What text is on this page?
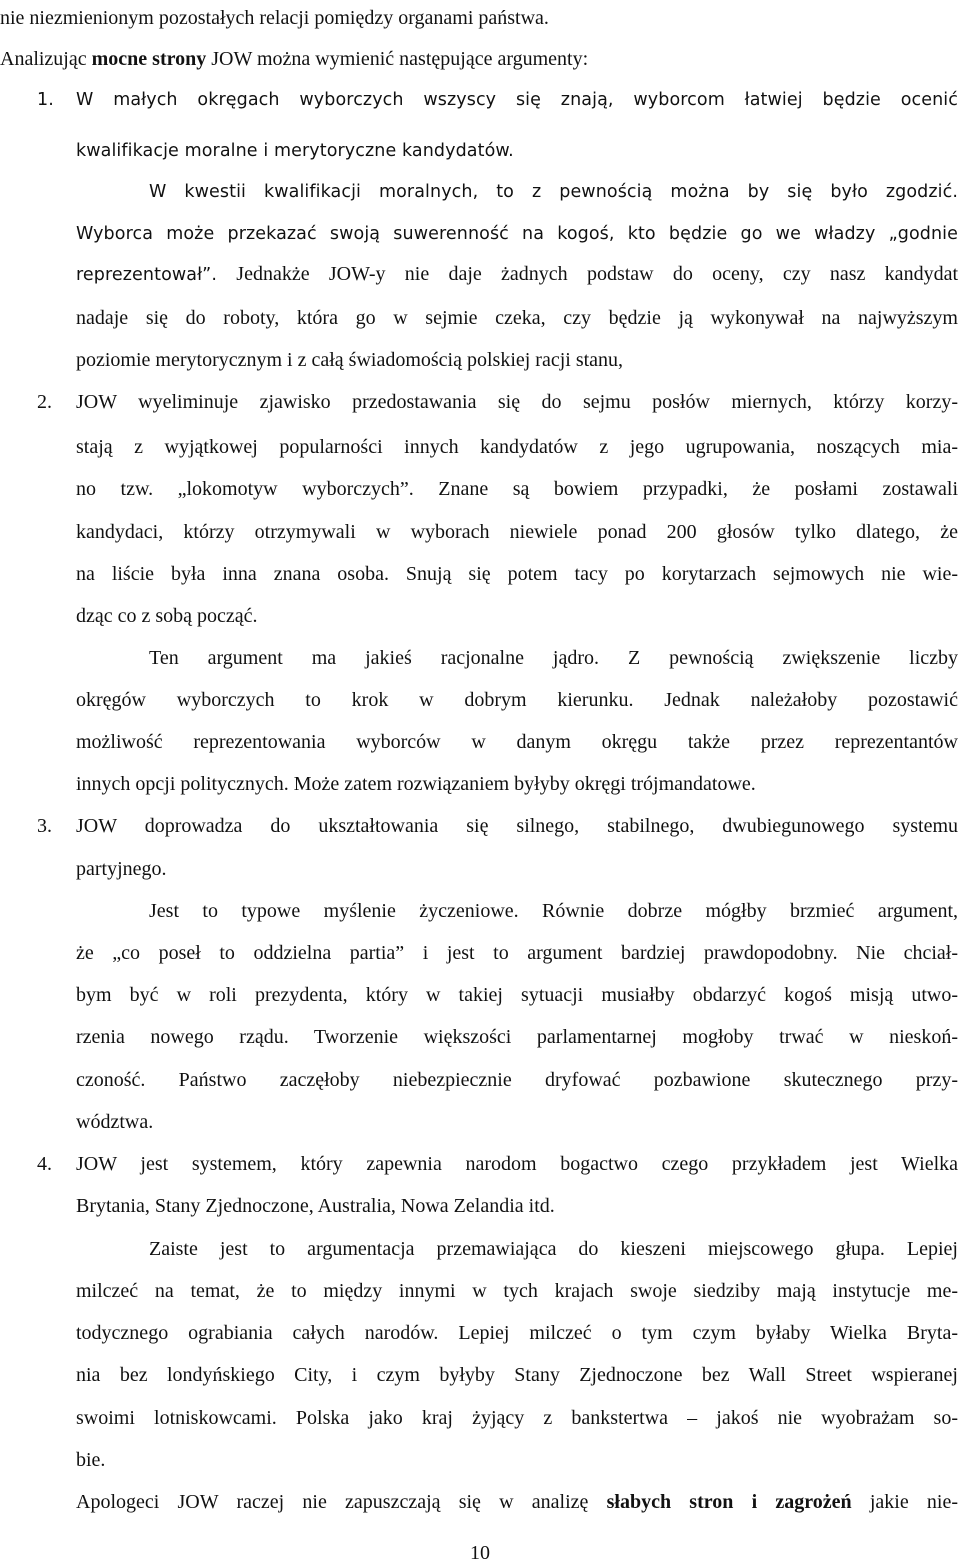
nie niezmienionym pozostałych relacji pomiędzy organami państwa.
Analizując mocne strony JOW można wymienić następujące argumenty:
1. W małych okręgach wyborczych wszyscy się znają, wyborcom łatwiej będzie ocenić
kwalifikacje moralne i merytoryczne kandydatów.
W kwestii kwalifikacji moralnych, to z pewnością można by się było zgodzić.
Wyborca może przekazać swoją suwerenność na kogoś, kto będzie go we władzy „godnie
reprezentował”. Jednakże JOW-y nie daje żadnych podstaw do oceny, czy nasz kandydat
nadaje się do roboty, która go w sejmie czeka, czy będzie ją wykonywał na najwyższym
poziomie merytorycznym i z całą świadomością polskiej racji stanu,
2. JOW wyeliminuje zjawisko przedostawania się do sejmu posłów miernych, którzy korzy-
stają z wyjątkowej popularności innych kandydatów z jego ugrupowania, noszących mia-
no tzw. „lokomotyw wyborczych”. Znane są bowiem przypadki, że posłami zostawali
kandydaci, którzy otrzymywali w wyborach niewiele ponad 200 głosów tylko dlatego, że
na liście była inna znana osoba. Snują się potem tacy po korytarzach sejmowych nie wie-
dząc co z sobą począć.
Ten argument ma jakieś racjonalne jądro. Z pewnością zwiększenie liczby
okręgów wyborczych to krok w dobrym kierunku. Jednak należałoby pozostawić
możliwość reprezentowania wyborców w danym okręgu także przez reprezentantów
innych opcji politycznych. Może zatem rozwiązaniem byłyby okręgi trójmandatowe.
3. JOW doprowadza do ukształtowania się silnego, stabilnego, dwubiegunowego systemu
partyjnego.
Jest to typowe myślenie życzeniowe. Równie dobrze mógłby brzmieć argument,
że „co poseł to oddzielna partia” i jest to argument bardziej prawdopodobny. Nie chciał-
bym być w roli prezydenta, który w takiej sytuacji musiałby obdarzyć kogoś misją utwo-
rzenia nowego rządu. Tworzenie większości parlamentarnej mogłoby trwać w nieskoń-
czoność. Państwo zaczęłoby niebezpiecznie dryfować pozbawione skutecznego przy-
wództwa.
4. JOW jest systemem, który zapewnia narodom bogactwo czego przykładem jest Wielka
Brytania, Stany Zjednoczone, Australia, Nowa Zelandia itd.
Zaiste jest to argumentacja przemawiająca do kieszeni miejscowego głupa. Lepiej
milczeć na temat, że to między innymi w tych krajach swoje siedziby mają instytucje me-
todycznego ograbiania całych narodów. Lepiej milczeć o tym czym byłaby Wielka Bryta-
nia bez londyńskiego City, i czym byłyby Stany Zjednoczone bez Wall Street wspieranej
swoimi lotniskowcami. Polska jako kraj żyjący z bankstertwa – jakoś nie wyobrażam so-
bie.
Apologeci JOW raczej nie zapuszczają się w analizę słabych stron i zagrożeń jakie nie-
10
